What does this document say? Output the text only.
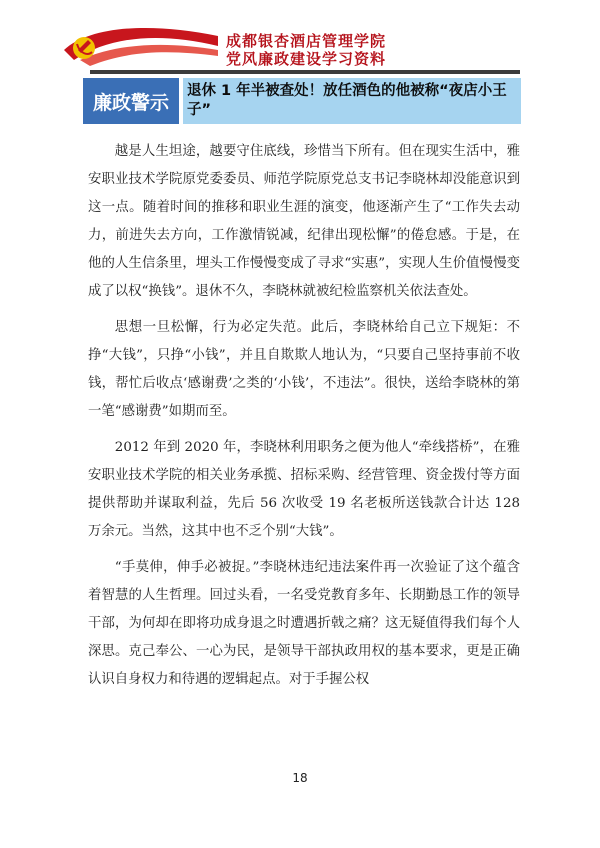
成都银杏酒店管理学院
党风廉政建设学习资料
廉政警示
退休 1 年半被查处！放任酒色的他被称“夜店小王子”

越是人生坦途，越要守住底线，珍惜当下所有。但在现实生活中，雅安职业技术学院原党委委员、师范学院原党总支书记李晓林却没能意识到这一点。随着时间的推移和职业生涯的演变，他逐渐产生了“工作失去动力，前进失去方向，工作激情锐减，纪律出现松懈”的倦怠感。于是，在他的人生信条里，埋头工作慢慢变成了寻求“实惠”，实现人生价值慢慢变成了以权“换钱”。退休不久，李晓林就被纪检监察机关依法查处。

思想一旦松懈，行为必定失范。此后，李晓林给自己立下规矩：不挣“大钱”，只挣“小钱”，并且自欺欺人地认为，“只要自己坚持事前不收钱，帮忙后收点‘感谢费’之类的‘小钱’，不违法”。很快，送给李晓林的第一笔“感谢费”如期而至。

2012 年到 2020 年，李晓林利用职务之便为他人“牵线搭桥”，在雅安职业技术学院的相关业务承揽、招标采购、经营管理、资金拨付等方面提供帮助并谋取利益，先后 56 次收受 19 名老板所送钱款合计达 128 万余元。当然，这其中也不乏个别“大钱”。

“手莫伸，伸手必被捉。”李晓林违纪违法案件再一次验证了这个蕴含着智慧的人生哲理。回过头看，一名受党教育多年、长期勤恳工作的领导干部，为何却在即将功成身退之时遭遇折戟之痛？这无疑值得我们每个人深思。克己奉公、一心为民，是领导干部执政用权的基本要求，更是正确认识自身权力和待遇的逻辑起点。对于手握公权

18
